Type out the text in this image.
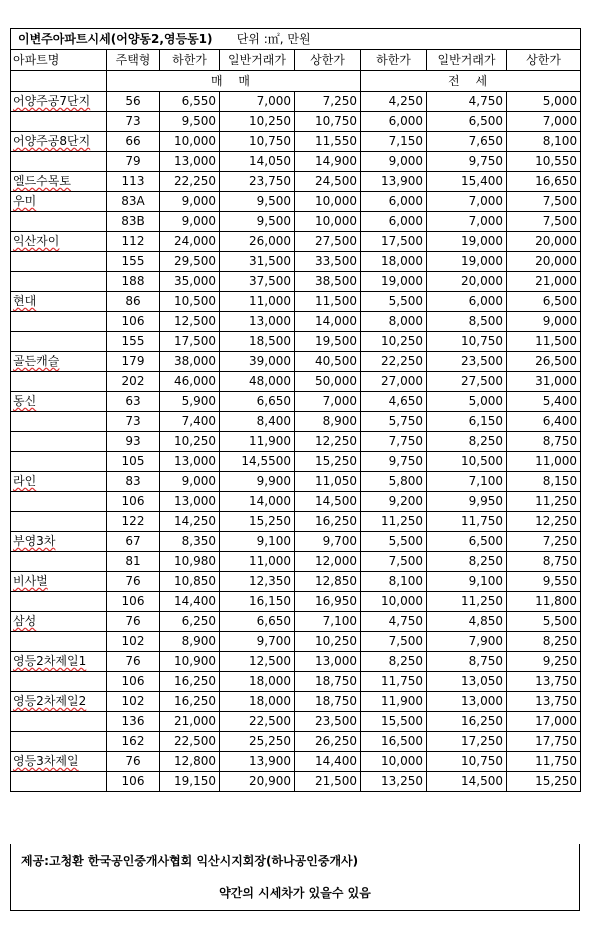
이변주아파트시세(어양동2,영등동1) 단위 :㎡, 만원							
아파트명	주택형	하한가	일반거래가	상한가	하한가	일반거래가	상한가
	매 매				전 세		
어양주공7단지	56	6,550	7,000	7,250	4,250	4,750	5,000
	73	9,500	10,250	10,750	6,000	6,500	7,000
어양주공8단지	66	10,000	10,750	11,550	7,150	7,650	8,100
	79	13,000	14,050	14,900	9,000	9,750	10,550
엘드수목토	113	22,250	23,750	24,500	13,900	15,400	16,650
우미	83A	9,000	9,500	10,000	6,000	7,000	7,500
	83B	9,000	9,500	10,000	6,000	7,000	7,500
익산자이	112	24,000	26,000	27,500	17,500	19,000	20,000
	155	29,500	31,500	33,500	18,000	19,000	20,000
	188	35,000	37,500	38,500	19,000	20,000	21,000
현대	86	10,500	11,000	11,500	5,500	6,000	6,500
	106	12,500	13,000	14,000	8,000	8,500	9,000
	155	17,500	18,500	19,500	10,250	10,750	11,500
골든캐슬	179	38,000	39,000	40,500	22,250	23,500	26,500
	202	46,000	48,000	50,000	27,000	27,500	31,000
동신	63	5,900	6,650	7,000	4,650	5,000	5,400
	73	7,400	8,400	8,900	5,750	6,150	6,400
	93	10,250	11,900	12,250	7,750	8,250	8,750
	105	13,000	14,5500	15,250	9,750	10,500	11,000
라인	83	9,000	9,900	11,050	5,800	7,100	8,150
	106	13,000	14,000	14,500	9,200	9,950	11,250
	122	14,250	15,250	16,250	11,250	11,750	12,250
부영3차	67	8,350	9,100	9,700	5,500	6,500	7,250
	81	10,980	11,000	12,000	7,500	8,250	8,750
비사벌	76	10,850	12,350	12,850	8,100	9,100	9,550
	106	14,400	16,150	16,950	10,000	11,250	11,800
삼성	76	6,250	6,650	7,100	4,750	4,850	5,500
	102	8,900	9,700	10,250	7,500	7,900	8,250
영등2차제일1	76	10,900	12,500	13,000	8,250	8,750	9,250
	106	16,250	18,000	18,750	11,750	13,050	13,750
영등2차제일2	102	16,250	18,000	18,750	11,900	13,000	13,750
	136	21,000	22,500	23,500	15,500	16,250	17,000
	162	22,500	25,250	26,250	16,500	17,250	17,750
영등3차제일	76	12,800	13,900	14,400	10,000	10,750	11,750
	106	19,150	20,900	21,500	13,250	14,500	15,250
제공:고청환 한국공인중개사협회 익산시지회장(하나공인중개사)
약간의 시세차가 있을수 있음
